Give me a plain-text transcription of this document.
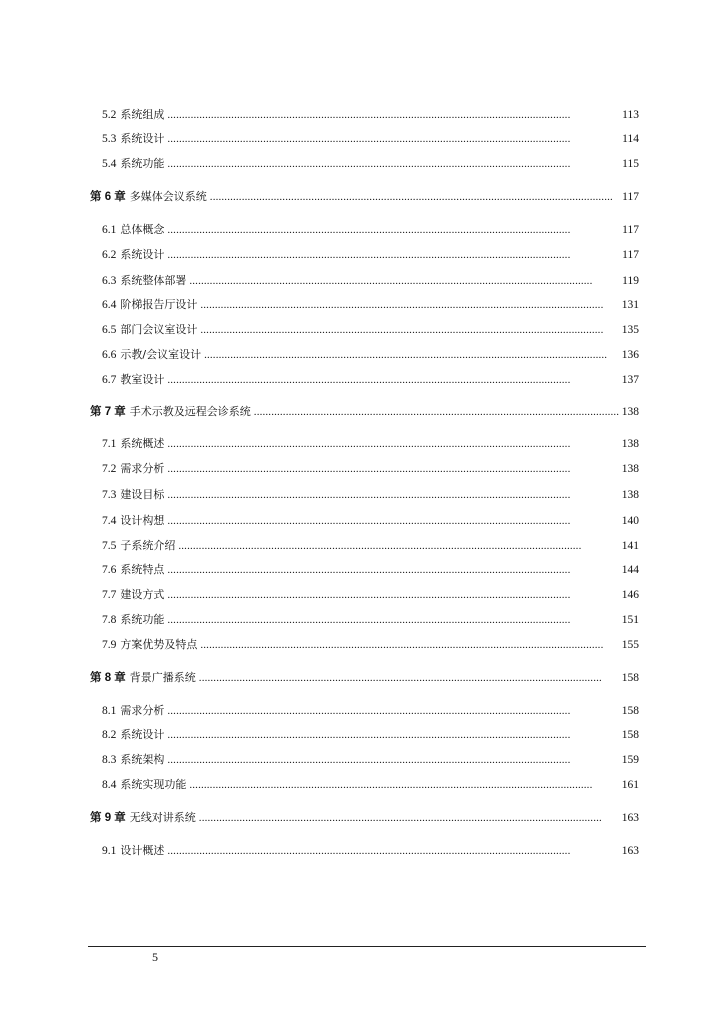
5.2 系统组成 . . .	113
5.3 系统设计 . . .	114
5.4 系统功能 . . .	115
第 6 章 多媒体会议系统 . . .	117
6.1 总体概念 . . .	117
6.2 系统设计 . . .	117
6.3 系统整体部署 . . .	119
6.4 阶梯报告厅设计 . . .	131
6.5 部门会议室设计 . . .	135
6.6 示教/会议室设计 . . .	136
6.7 教室设计 . . .	137
第 7 章 手术示教及远程会诊系统 . . .	138
7.1 系统概述 . . .	138
7.2 需求分析 . . .	138
7.3 建设目标 . . .	138
7.4 设计构想 . . .	140
7.5 子系统介绍 . . .	141
7.6 系统特点 . . .	144
7.7 建设方式 . . .	146
7.8 系统功能 . . .	151
7.9 方案优势及特点 . . .	155
第 8 章 背景广播系统 . . .	158
8.1 需求分析 . . .	158
8.2 系统设计 . . .	158
8.3 系统架构 . . .	159
8.4 系统实现功能 . . .	161
第 9 章 无线对讲系统 . . .	163
9.1 设计概述 . . .	163
5
